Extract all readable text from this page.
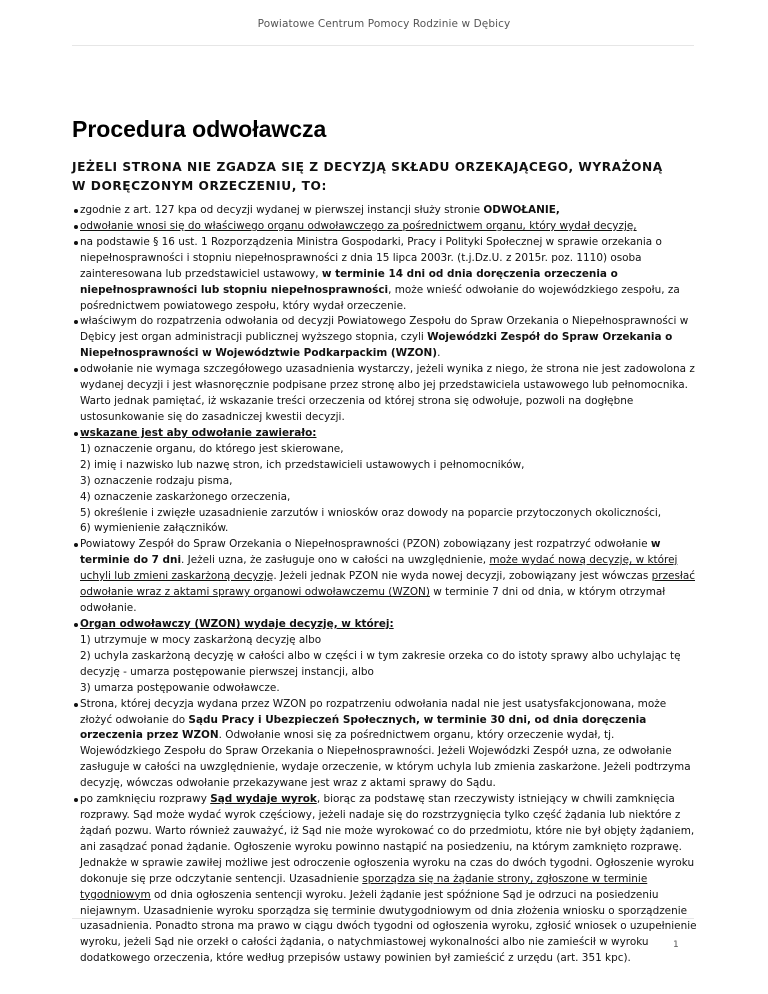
Powiatowe Centrum Pomocy Rodzinie w Dębicy
Procedura odwoławcza
JEŻELI STRONA NIE ZGADZA SIĘ Z DECYZJĄ SKŁADU ORZEKAJĄCEGO, WYRAŻONĄ W DORĘCZONYM ORZECZENIU, TO:
zgodnie z art. 127 kpa od decyzji wydanej w pierwszej instancji służy stronie ODWOŁANIE,
odwołanie wnosi się do właściwego organu odwoławczego za pośrednictwem organu, który wydał decyzję,
na podstawie § 16 ust. 1 Rozporządzenia Ministra Gospodarki, Pracy i Polityki Społecznej w sprawie orzekania o niepełnosprawności i stopniu niepełnosprawności z dnia 15 lipca 2003r. (t.j.Dz.U. z 2015r. poz. 1110) osoba zainteresowana lub przedstawiciel ustawowy, w terminie 14 dni od dnia doręczenia orzeczenia o niepełnosprawności lub stopniu niepełnosprawności, może wnieść odwołanie do wojewódzkiego zespołu, za pośrednictwem powiatowego zespołu, który wydał orzeczenie.
właściwym do rozpatrzenia odwołania od decyzji Powiatowego Zespołu do Spraw Orzekania o Niepełnosprawności w Dębicy jest organ administracji publicznej wyższego stopnia, czyli Wojewódzki Zespół do Spraw Orzekania o Niepełnosprawności w Województwie Podkarpackim (WZON).
odwołanie nie wymaga szczegółowego uzasadnienia wystarczy, jeżeli wynika z niego, że strona nie jest zadowolona z wydanej decyzji i jest własnoręcznie podpisane przez stronę albo jej przedstawiciela ustawowego lub pełnomocnika. Warto jednak pamiętać, iż wskazanie treści orzeczenia od której strona się odwołuje, pozwoli na dogłębne ustosunkowanie się do zasadniczej kwestii decyzji.
wskazane jest aby odwołanie zawierało:
1) oznaczenie organu, do którego jest skierowane,
2) imię i nazwisko lub nazwę stron, ich przedstawicieli ustawowych i pełnomocników,
3) oznaczenie rodzaju pisma,
4) oznaczenie zaskarżonego orzeczenia,
5) określenie i zwięzłe uzasadnienie zarzutów i wniosków oraz dowody na poparcie przytoczonych okoliczności,
6) wymienienie załączników.
Powiatowy Zespół do Spraw Orzekania o Niepełnosprawności (PZON) zobowiązany jest rozpatrzyć odwołanie w terminie do 7 dni. Jeżeli uzna, że zasługuje ono w całości na uwzględnienie, może wydać nową decyzję, w której uchyli lub zmieni zaskarżoną decyzję. Jeżeli jednak PZON nie wyda nowej decyzji, zobowiązany jest wówczas przesłać odwołanie wraz z aktami sprawy organowi odwoławczemu (WZON) w terminie 7 dni od dnia, w którym otrzymał odwołanie.
Organ odwoławczy (WZON) wydaje decyzję, w której:
1) utrzymuje w mocy zaskarżoną decyzję albo
2) uchyla zaskarżoną decyzję w całości albo w części i w tym zakresie orzeka co do istoty sprawy albo uchylając tę decyzję - umarza postępowanie pierwszej instancji, albo
3) umarza postępowanie odwoławcze.
Strona, której decyzja wydana przez WZON po rozpatrzeniu odwołania nadal nie jest usatysfakcjonowana, może złożyć odwołanie do Sądu Pracy i Ubezpieczeń Społecznych, w terminie 30 dni, od dnia doręczenia orzeczenia przez WZON. Odwołanie wnosi się za pośrednictwem organu, który orzeczenie wydał, tj. Wojewódzkiego Zespołu do Spraw Orzekania o Niepełnosprawności. Jeżeli Wojewódzki Zespół uzna, ze odwołanie zasługuje w całości na uwzględnienie, wydaje orzeczenie, w którym uchyla lub zmienia zaskarżone. Jeżeli podtrzyma decyzję, wówczas odwołanie przekazywane jest wraz z aktami sprawy do Sądu.
po zamknięciu rozprawy Sąd wydaje wyrok, biorąc za podstawę stan rzeczywisty istniejący w chwili zamknięcia rozprawy. Sąd może wydać wyrok częściowy, jeżeli nadaje się do rozstrzygnięcia tylko część żądania lub niektóre z żądań pozwu. Warto również zauważyć, iż Sąd nie może wyrokować co do przedmiotu, które nie był objęty żądaniem, ani zasądzać ponad żądanie. Ogłoszenie wyroku powinno nastąpić na posiedzeniu, na którym zamknięto rozprawę. Jednakże w sprawie zawiłej możliwe jest odroczenie ogłoszenia wyroku na czas do dwóch tygodni. Ogłoszenie wyroku dokonuje się prze odczytanie sentencji. Uzasadnienie sporządza się na żądanie strony, zgłoszone w terminie tygodniowym od dnia ogłoszenia sentencji wyroku. Jeżeli żądanie jest spóźnione Sąd je odrzuci na posiedzeniu niejawnym. Uzasadnienie wyroku sporządza się terminie dwutygodniowym od dnia złożenia wniosku o sporządzenie uzasadnienia. Ponadto strona ma prawo w ciągu dwóch tygodni od ogłoszenia wyroku, zgłosić wniosek o uzupełnienie wyroku, jeżeli Sąd nie orzekł o całości żądania, o natychmiastowej wykonalności albo nie zamieścił w wyroku dodatkowego orzeczenia, które według przepisów ustawy powinien był zamieścić z urzędu (art. 351 kpc).
1
